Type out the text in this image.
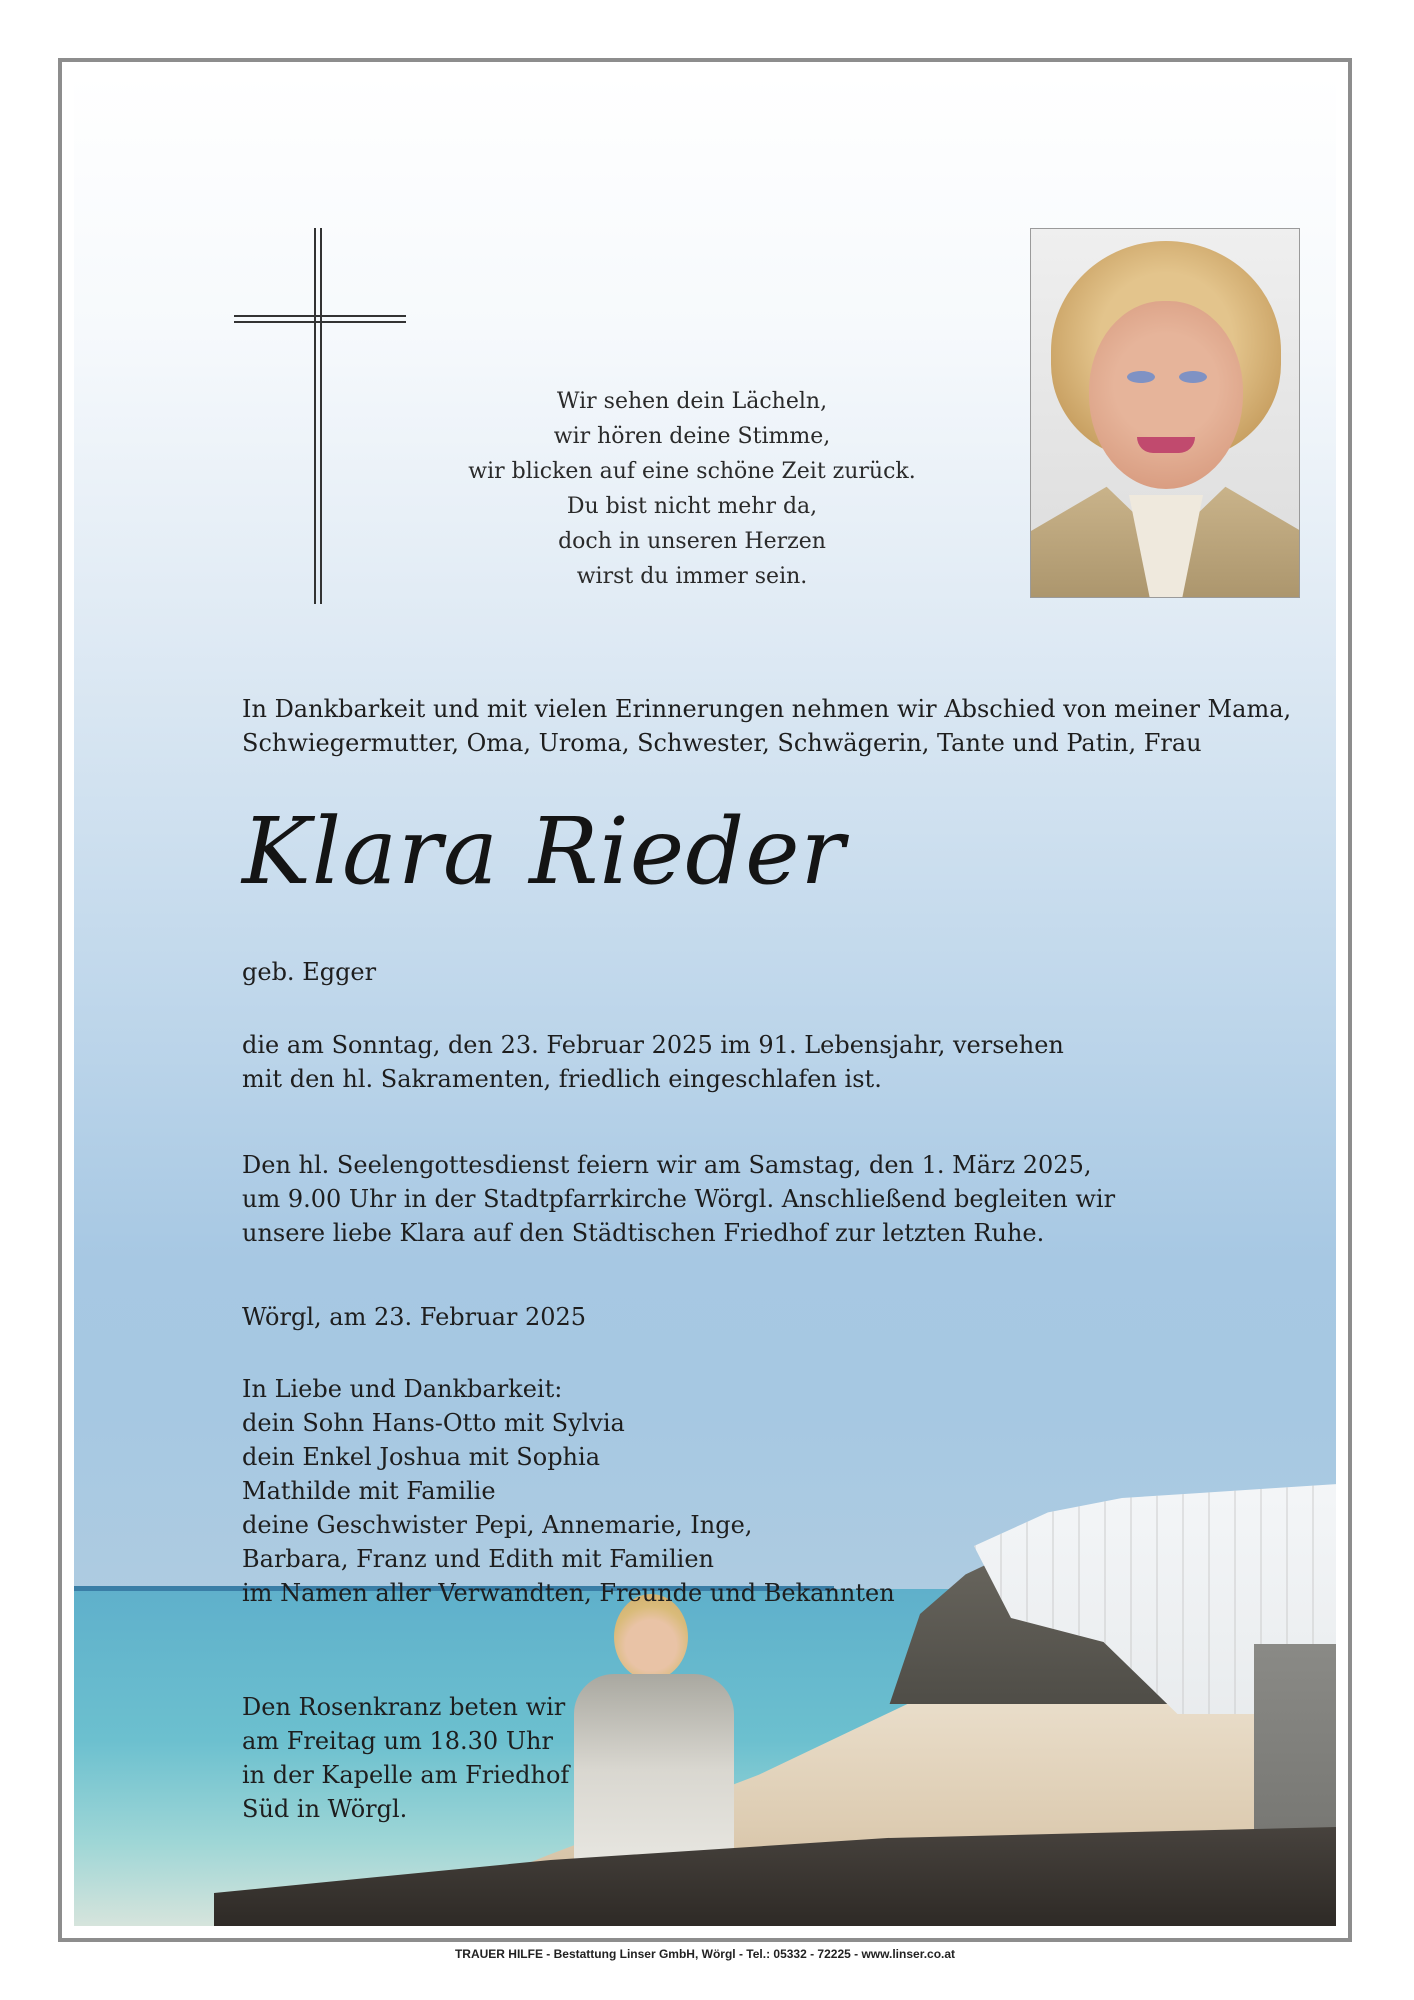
Wir sehen dein Lächeln,
wir hören deine Stimme,
wir blicken auf eine schöne Zeit zurück.
Du bist nicht mehr da,
doch in unseren Herzen
wirst du immer sein.
In Dankbarkeit und mit vielen Erinnerungen nehmen wir Abschied von meiner Mama,
Schwiegermutter, Oma, Uroma, Schwester, Schwägerin, Tante und Patin, Frau
Klara Rieder
geb. Egger
die am Sonntag, den 23. Februar 2025 im 91. Lebensjahr, versehen
mit den hl. Sakramenten, friedlich eingeschlafen ist.
Den hl. Seelengottesdienst feiern wir am Samstag, den 1. März 2025,
um 9.00 Uhr in der Stadtpfarrkirche Wörgl. Anschließend begleiten wir
unsere liebe Klara auf den Städtischen Friedhof zur letzten Ruhe.
Wörgl, am 23. Februar 2025
In Liebe und Dankbarkeit:
dein Sohn Hans-Otto mit Sylvia
dein Enkel Joshua mit Sophia
Mathilde mit Familie
deine Geschwister Pepi, Annemarie, Inge,
Barbara, Franz und Edith mit Familien
im Namen aller Verwandten, Freunde und Bekannten
Den Rosenkranz beten wir
am Freitag um 18.30 Uhr
in der Kapelle am Friedhof
Süd in Wörgl.
TRAUER HILFE - Bestattung Linser GmbH, Wörgl - Tel.: 05332 - 72225 - www.linser.co.at
